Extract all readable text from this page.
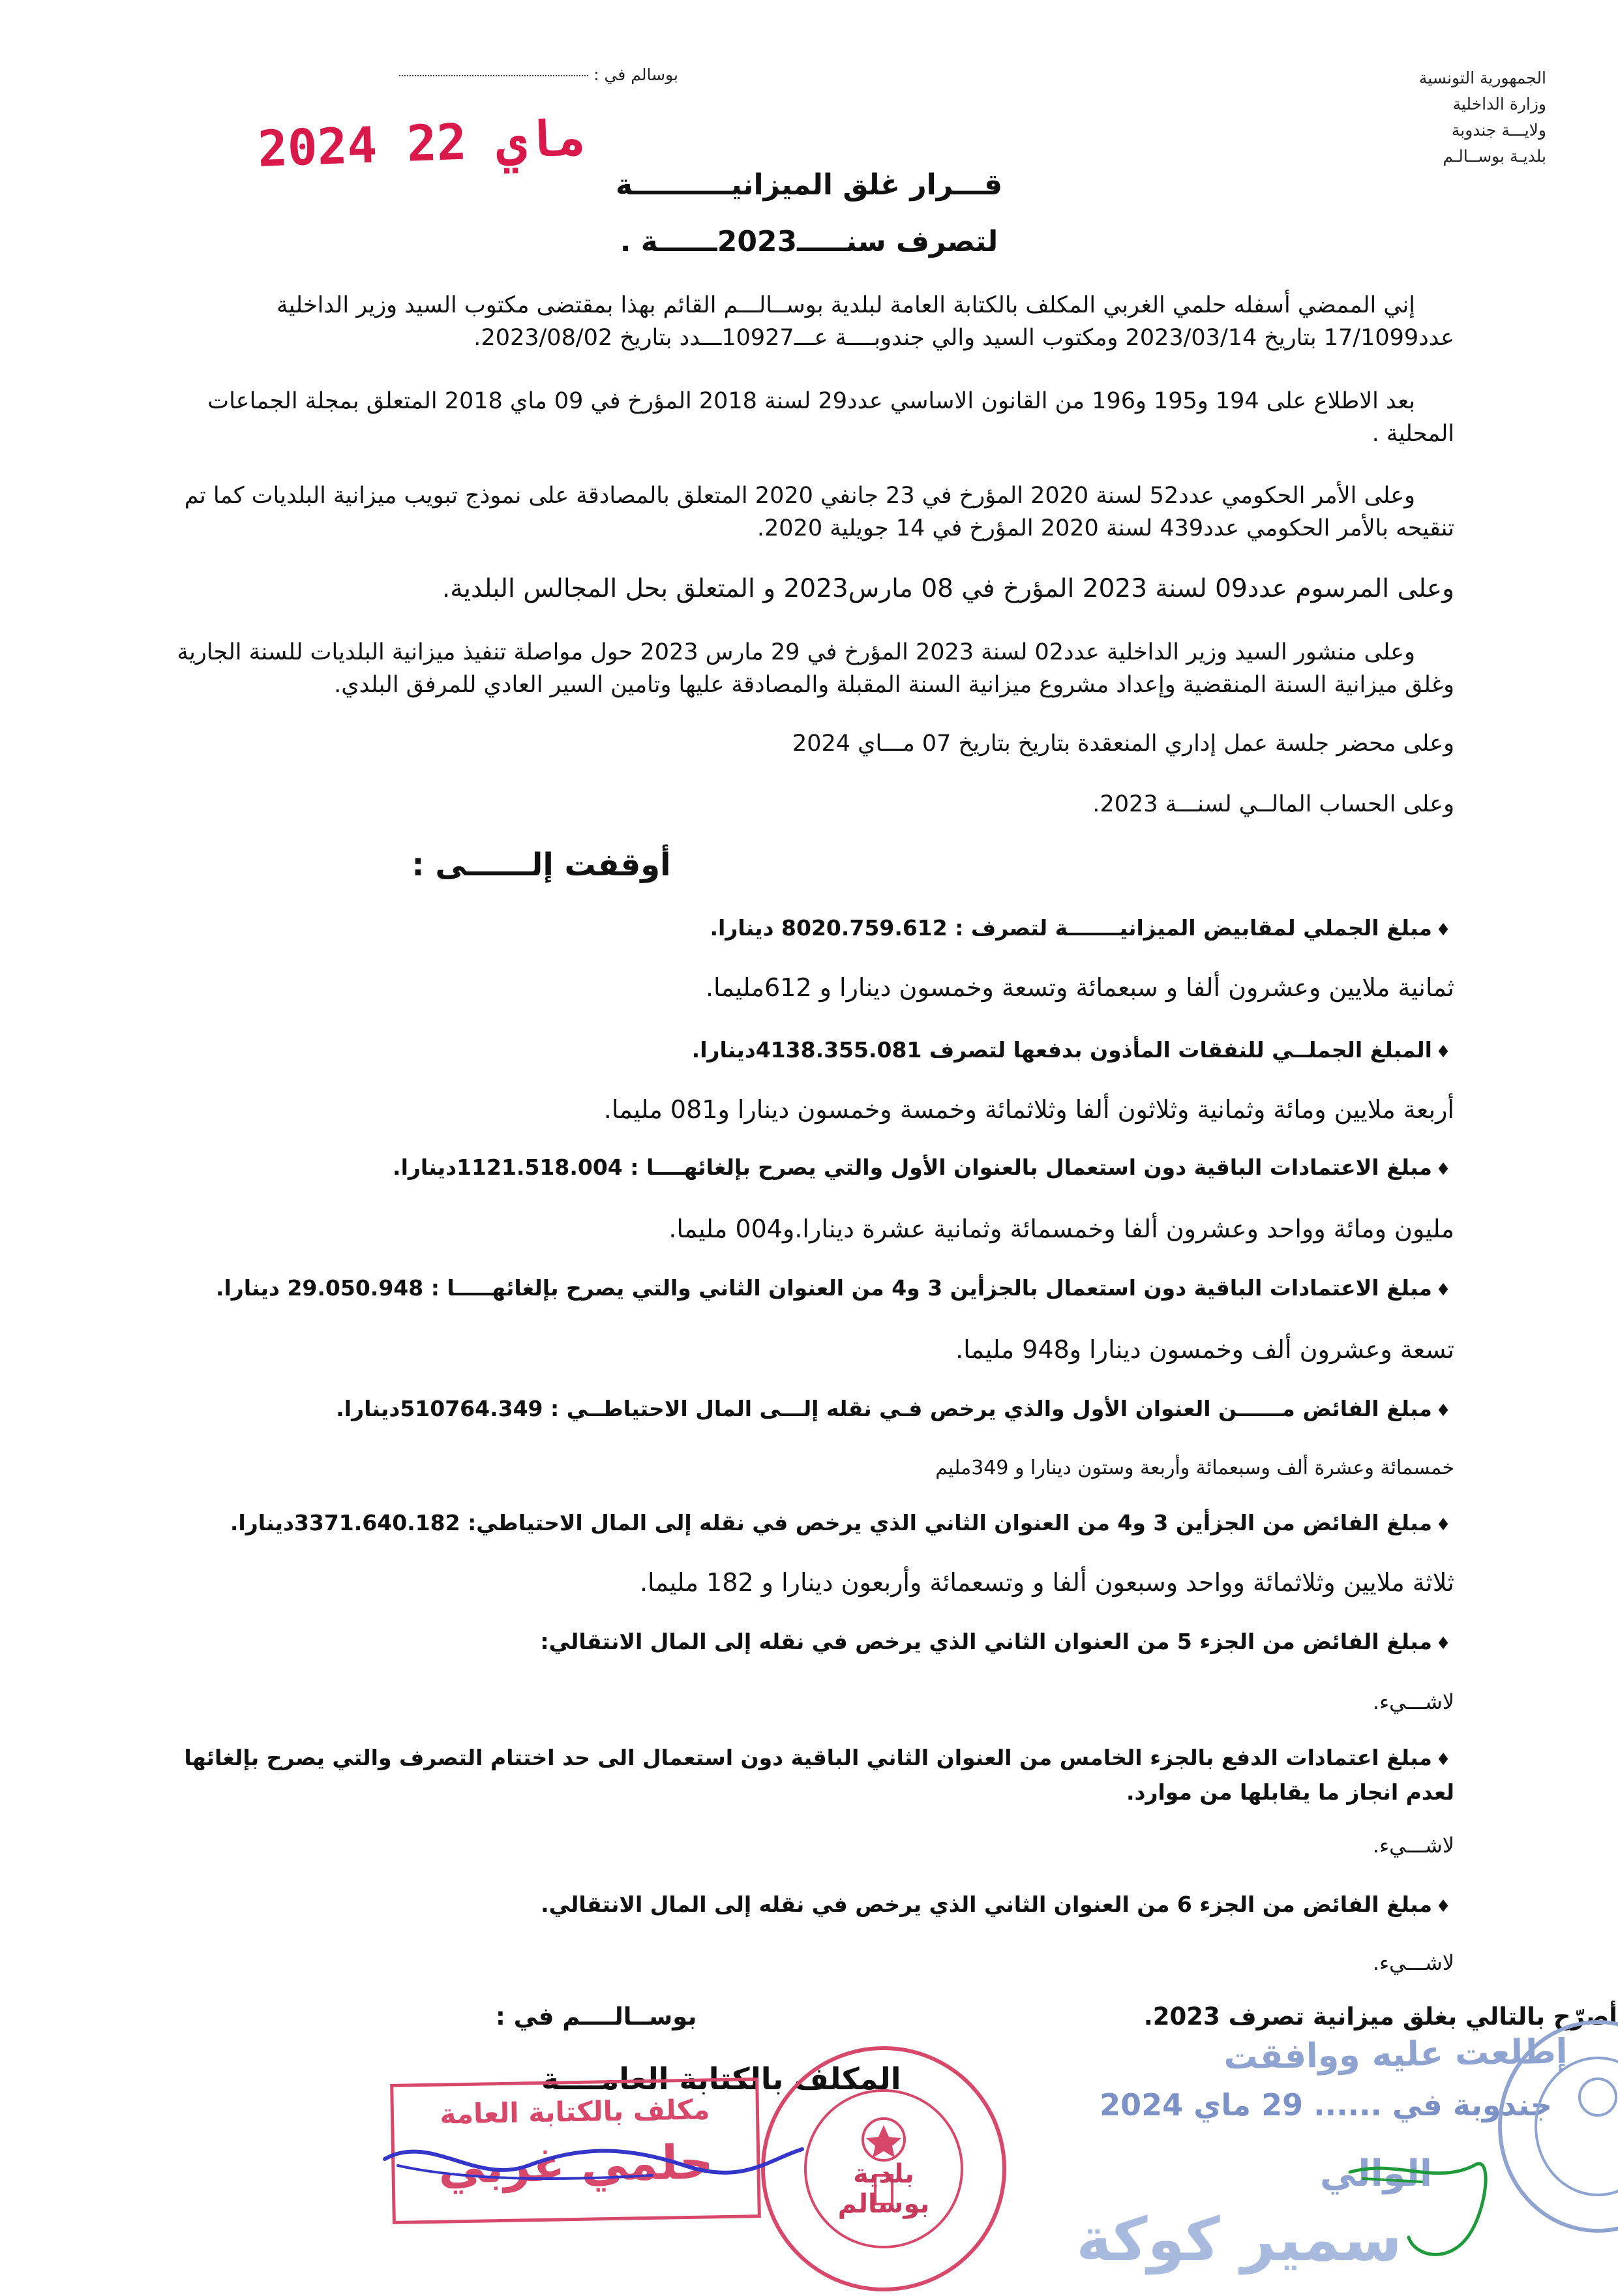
الجمهورية التونسية
وزارة الداخلية
ولايـــة جندوبة
بلديـة بوســالـم
بوسالم في :
2024 ماي 22
قـــرار غلق الميزانيــــــــــة
لتصرف سنـــــ2023ــــــة .
إني الممضي أسفله حلمي الغربي المكلف بالكتابة العامة لبلدية بوســالـــم القائم بهذا بمقتضى مكتوب السيد وزير الداخلية عدد17/1099 بتاريخ 2023/03/14 ومكتوب السيد والي جندوبــــة عـــ10927ـــدد بتاريخ 2023/08/02.
بعد الاطلاع على 194 و195 و196 من القانون الاساسي عدد29 لسنة 2018 المؤرخ في 09 ماي 2018 المتعلق بمجلة الجماعات المحلية .
وعلى الأمر الحكومي عدد52 لسنة 2020 المؤرخ في 23 جانفي 2020 المتعلق بالمصادقة على نموذج تبويب ميزانية البلديات كما تم تنقيحه بالأمر الحكومي عدد439 لسنة 2020 المؤرخ في 14 جويلية 2020.
وعلى المرسوم عدد09 لسنة 2023 المؤرخ في 08 مارس2023 و المتعلق بحل المجالس البلدية.
وعلى منشور السيد وزير الداخلية عدد02 لسنة 2023 المؤرخ في 29 مارس 2023 حول مواصلة تنفيذ ميزانية البلديات للسنة الجارية وغلق ميزانية السنة المنقضية وإعداد مشروع ميزانية السنة المقبلة والمصادقة عليها وتامين السير العادي للمرفق البلدي.
وعلى محضر جلسة عمل إداري المنعقدة بتاريخ بتاريخ 07 مـــاي 2024
وعلى الحساب المالــي لسنـــة 2023.
أوقفت إلــــــى :
♦مبلغ الجملي لمقابيض الميزانيـــــــة لتصرف : 8020.759.612 دينارا.
ثمانية ملايين وعشرون ألفا و سبعمائة وتسعة وخمسون دينارا و 612مليما.
♦المبلغ الجملــي للنفقات المأذون بدفعها لتصرف 4138.355.081دينارا.
أربعة ملايين ومائة وثمانية وثلاثون ألفا وثلاثمائة وخمسة وخمسون دينارا و081 مليما.
♦مبلغ الاعتمادات الباقية دون استعمال بالعنوان الأول والتي يصرح بإلغائهــــا : 1121.518.004دينارا.
مليون ومائة وواحد وعشرون ألفا وخمسمائة وثمانية عشرة دينارا.و004 مليما.
♦مبلغ الاعتمادات الباقية دون استعمال بالجزأين 3 و4 من العنوان الثاني والتي يصرح بإلغائهـــــا : 29.050.948 دينارا.
تسعة وعشرون ألف وخمسون دينارا و948 مليما.
♦مبلغ الفائض مــــــن العنوان الأول والذي يرخص فـي نقله إلـــى المال الاحتياطــي : 510764.349دينارا.
خمسمائة وعشرة ألف وسبعمائة وأربعة وستون دينارا و 349مليم
♦مبلغ الفائض من الجزأين 3 و4 من العنوان الثاني الذي يرخص في نقله إلى المال الاحتياطي: 3371.640.182دينارا.
ثلاثة ملايين وثلاثمائة وواحد وسبعون ألفا و وتسعمائة وأربعون دينارا و 182 مليما.
♦مبلغ الفائض من الجزء 5 من العنوان الثاني الذي يرخص في نقله إلى المال الانتقالي:
لاشـــيء.
♦مبلغ اعتمادات الدفع بالجزء الخامس من العنوان الثاني الباقية دون استعمال الى حد اختتام التصرف والتي يصرح بإلغائها لعدم انجاز ما يقابلها من موارد.
لاشـــيء.
♦مبلغ الفائض من الجزء 6 من العنوان الثاني الذي يرخص في نقله إلى المال الانتقالي.
لاشـــيء.
أصرّح بالتالي بغلق ميزانية تصرف 2023.
بوســالــــم في :
المكلف بالكتابة العامــــة
مكلف بالكتابة العامة
حلمي غربي	بلدية بوسالم
إطلعت عليه ووافقت
جندوبة في ...... 29 ماي 2024
الوالي
سمير كوكة
